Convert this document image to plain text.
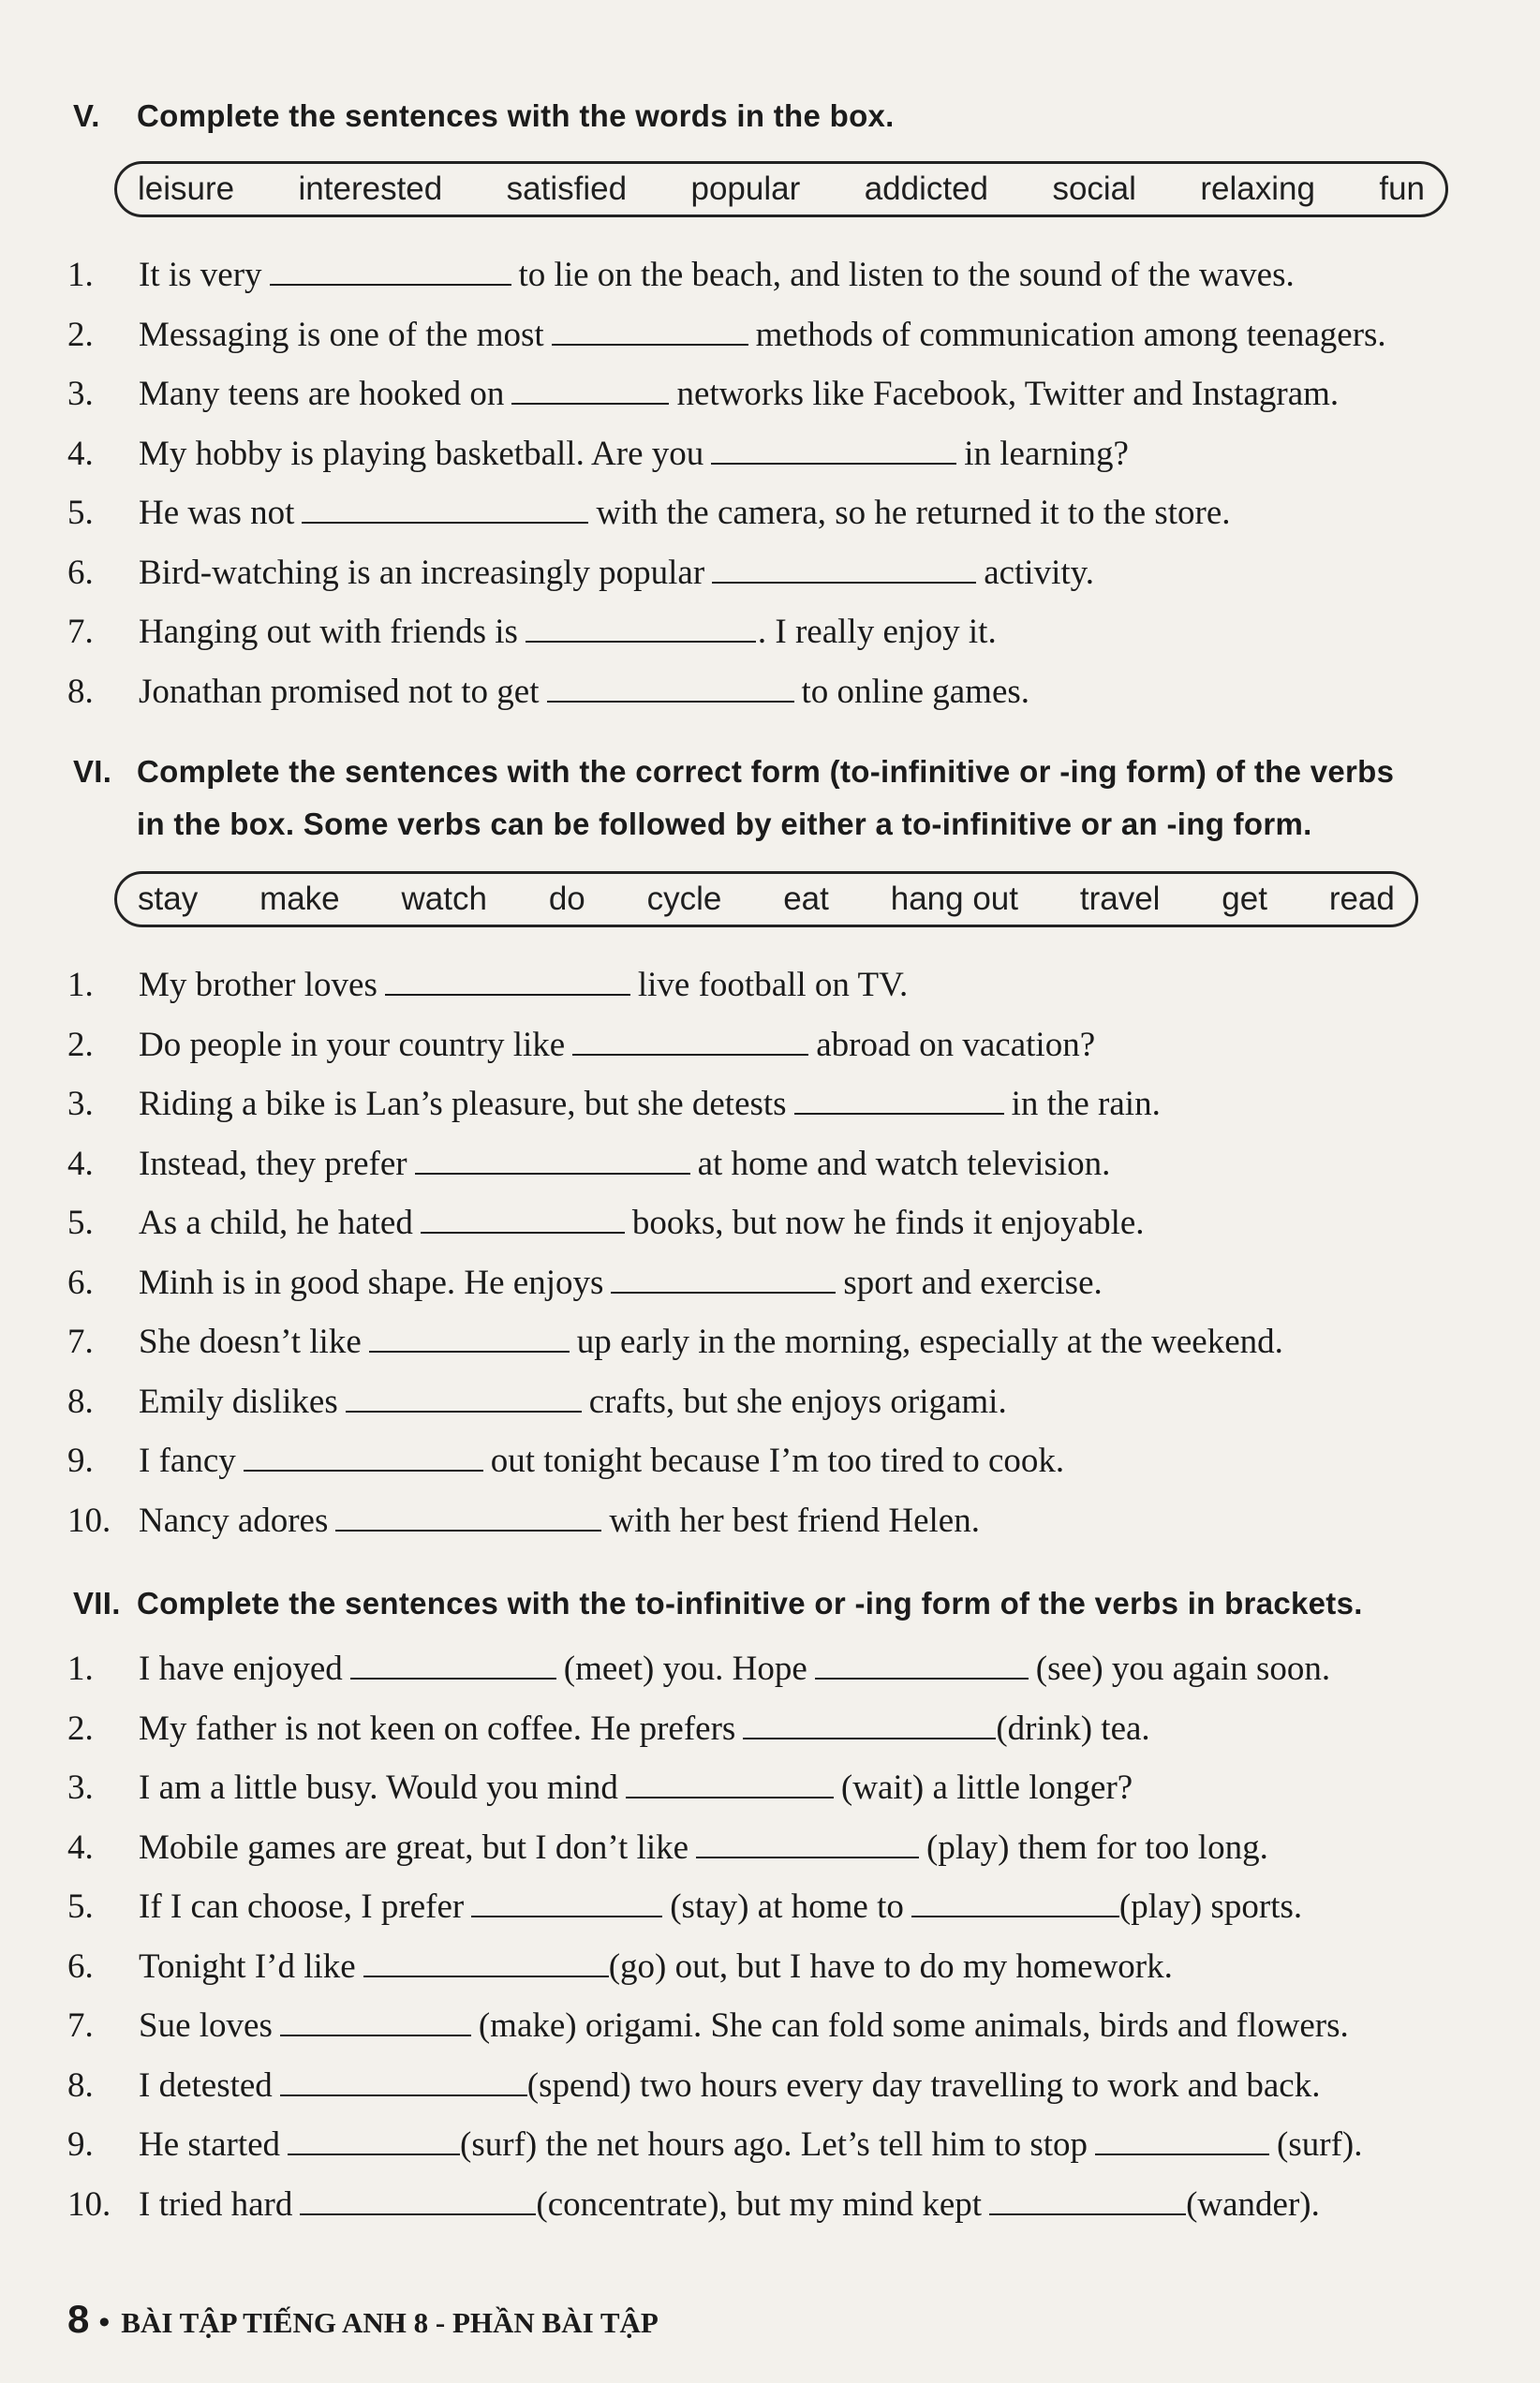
V. Complete the sentences with the words in the box.
leisure interested satisfied popular addicted social relaxing fun
1. It is very	to lie on the beach, and listen to the sound of the waves.
2. Messaging is one of the most	methods of communication among teenagers.
3. Many teens are hooked on	networks like Facebook, Twitter and Instagram.
4. My hobby is playing basketball. Are you	in learning?
5. He was not	with the camera, so he returned it to the store.
6. Bird-watching is an increasingly popular	activity.
7. Hanging out with friends is	. I really enjoy it.
8. Jonathan promised not to get	to online games.
VI. Complete the sentences with the correct form (to-infinitive or -ing form) of the verbs
in the box. Some verbs can be followed by either a to-infinitive or an -ing form.
stay make watch do cycle eat hang out travel get read
1. My brother loves	live football on TV.
2. Do people in your country like	abroad on vacation?
3. Riding a bike is Lan’s pleasure, but she detests	in the rain.
4. Instead, they prefer	at home and watch television.
5. As a child, he hated	books, but now he finds it enjoyable.
6. Minh is in good shape. He enjoys	sport and exercise.
7. She doesn’t like	up early in the morning, especially at the weekend.
8. Emily dislikes	crafts, but she enjoys origami.
9. I fancy	out tonight because I’m too tired to cook.
10. Nancy adores	with her best friend Helen.
VII. Complete the sentences with the to-infinitive or -ing form of the verbs in brackets.
1. I have enjoyed	(meet) you. Hope	(see) you again soon.
2. My father is not keen on coffee. He prefers	(drink) tea.
3. I am a little busy. Would you mind	(wait) a little longer?
4. Mobile games are great, but I don’t like	(play) them for too long.
5. If I can choose, I prefer	(stay) at home to	(play) sports.
6. Tonight I’d like	(go) out, but I have to do my homework.
7. Sue loves	(make) origami. She can fold some animals, birds and flowers.
8. I detested	(spend) two hours every day travelling to work and back.
9. He started	(surf) the net hours ago. Let’s tell him to stop	(surf).
10. I tried hard	(concentrate), but my mind kept	(wander).
8 • BÀI TẬP TIẾNG ANH 8 - PHẦN BÀI TẬP
